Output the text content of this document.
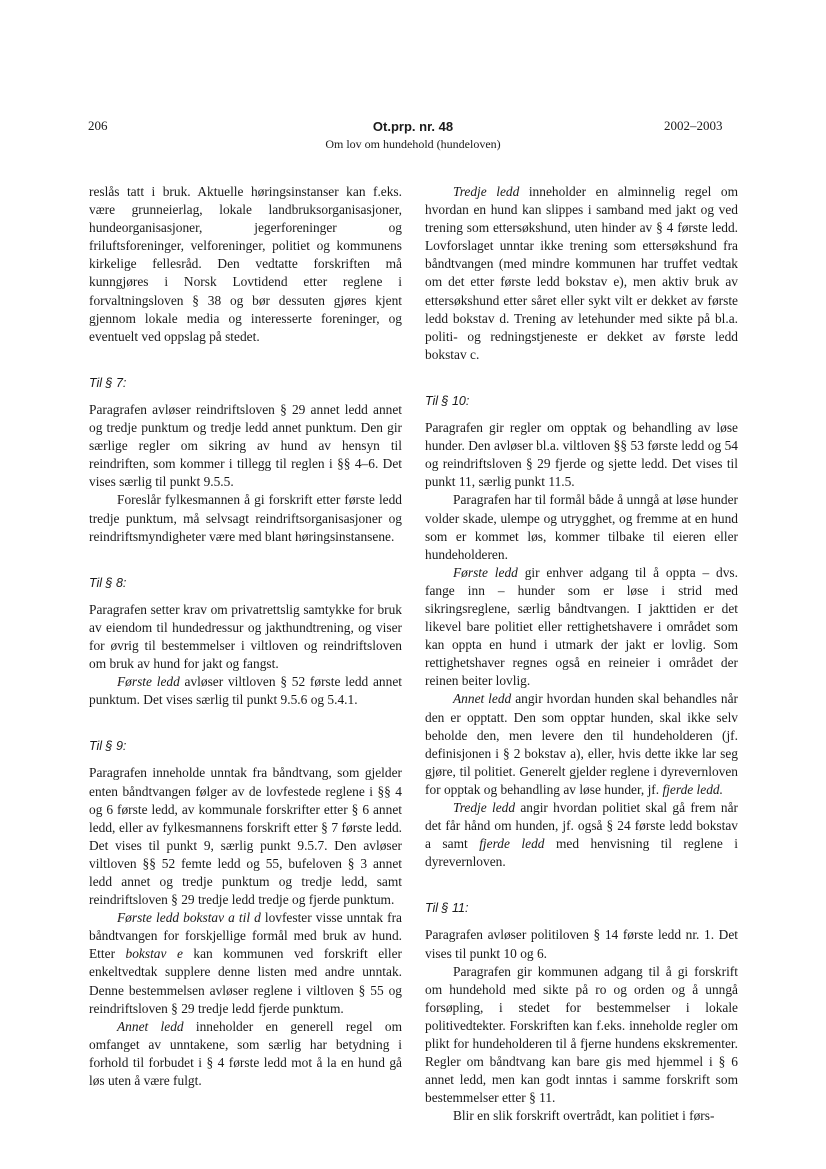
206	Ot.prp. nr. 48
Om lov om hundehold (hundeloven)
2002–2003

reslås tatt i bruk. Aktuelle høringsinstanser kan f.eks. være grunneierlag, lokale landbruksorganisasjoner, hundeorganisasjoner, jegerforeninger og friluftsforeninger, velforeninger, politiet og kommunens kirkelige fellesråd. Den vedtatte forskriften må kunngjøres i Norsk Lovtidend etter reglene i forvaltningsloven § 38 og bør dessuten gjøres kjent gjennom lokale media og interesserte foreninger, og eventuelt ved oppslag på stedet.

Til § 7:

Paragrafen avløser reindriftsloven § 29 annet ledd annet og tredje punktum og tredje ledd annet punktum. Den gir særlige regler om sikring av hund av hensyn til reindriften, som kommer i tillegg til reglen i §§ 4–6. Det vises særlig til punkt 9.5.5.

Foreslår fylkesmannen å gi forskrift etter første ledd tredje punktum, må selvsagt reindriftsorganisasjoner og reindriftsmyndigheter være med blant høringsinstansene.

Til § 8:

Paragrafen setter krav om privatrettslig samtykke for bruk av eiendom til hundedressur og jakthundtrening, og viser for øvrig til bestemmelser i viltloven og reindriftsloven om bruk av hund for jakt og fangst.

Første ledd avløser viltloven § 52 første ledd annet punktum. Det vises særlig til punkt 9.5.6 og 5.4.1.

Til § 9:

Paragrafen inneholde unntak fra båndtvang, som gjelder enten båndtvangen følger av de lovfestede reglene i §§ 4 og 6 første ledd, av kommunale forskrifter etter § 6 annet ledd, eller av fylkesmannens forskrift etter § 7 første ledd. Det vises til punkt 9, særlig punkt 9.5.7. Den avløser viltloven §§ 52 femte ledd og 55, bufeloven § 3 annet ledd annet og tredje punktum og tredje ledd, samt reindriftsloven § 29 tredje ledd tredje og fjerde punktum.

Første ledd bokstav a til d lovfester visse unntak fra båndtvangen for forskjellige formål med bruk av hund. Etter bokstav e kan kommunen ved forskrift eller enkeltvedtak supplere denne listen med andre unntak. Denne bestemmelsen avløser reglene i viltloven § 55 og reindriftsloven § 29 tredje ledd fjerde punktum.

Annet ledd inneholder en generell regel om omfanget av unntakene, som særlig har betydning i forhold til forbudet i § 4 første ledd mot å la en hund gå løs uten å være fulgt.

Tredje ledd inneholder en alminnelig regel om hvordan en hund kan slippes i samband med jakt og ved trening som ettersøkshund, uten hinder av § 4 første ledd. Lovforslaget unntar ikke trening som ettersøkshund fra båndtvangen (med mindre kommunen har truffet vedtak om det etter første ledd bokstav e), men aktiv bruk av ettersøkshund etter såret eller sykt vilt er dekket av første ledd bokstav d. Trening av letehunder med sikte på bl.a. politi- og redningstjeneste er dekket av første ledd bokstav c.

Til § 10:

Paragrafen gir regler om opptak og behandling av løse hunder. Den avløser bl.a. viltloven §§ 53 første ledd og 54 og reindriftsloven § 29 fjerde og sjette ledd. Det vises til punkt 11, særlig punkt 11.5.

Paragrafen har til formål både å unngå at løse hunder volder skade, ulempe og utrygghet, og fremme at en hund som er kommet løs, kommer tilbake til eieren eller hundeholderen.

Første ledd gir enhver adgang til å oppta – dvs. fange inn – hunder som er løse i strid med sikringsreglene, særlig båndtvangen. I jakttiden er det likevel bare politiet eller rettighetshavere i området som kan oppta en hund i utmark der jakt er lovlig. Som rettighetshaver regnes også en reineier i området der reinen beiter lovlig.

Annet ledd angir hvordan hunden skal behandles når den er opptatt. Den som opptar hunden, skal ikke selv beholde den, men levere den til hundeholderen (jf. definisjonen i § 2 bokstav a), eller, hvis dette ikke lar seg gjøre, til politiet. Generelt gjelder reglene i dyrevernloven for opptak og behandling av løse hunder, jf. fjerde ledd.

Tredje ledd angir hvordan politiet skal gå frem når det får hånd om hunden, jf. også § 24 første ledd bokstav a samt fjerde ledd med henvisning til reglene i dyrevernloven.

Til § 11:

Paragrafen avløser politiloven § 14 første ledd nr. 1. Det vises til punkt 10 og 6.

Paragrafen gir kommunen adgang til å gi forskrift om hundehold med sikte på ro og orden og å unngå forsøpling, i stedet for bestemmelser i lokale politivedtekter. Forskriften kan f.eks. inneholde regler om plikt for hundeholderen til å fjerne hundens ekskrementer. Regler om båndtvang kan bare gis med hjemmel i § 6 annet ledd, men kan godt inntas i samme forskrift som bestemmelser etter § 11.

Blir en slik forskrift overtrådt, kan politiet i førs-
